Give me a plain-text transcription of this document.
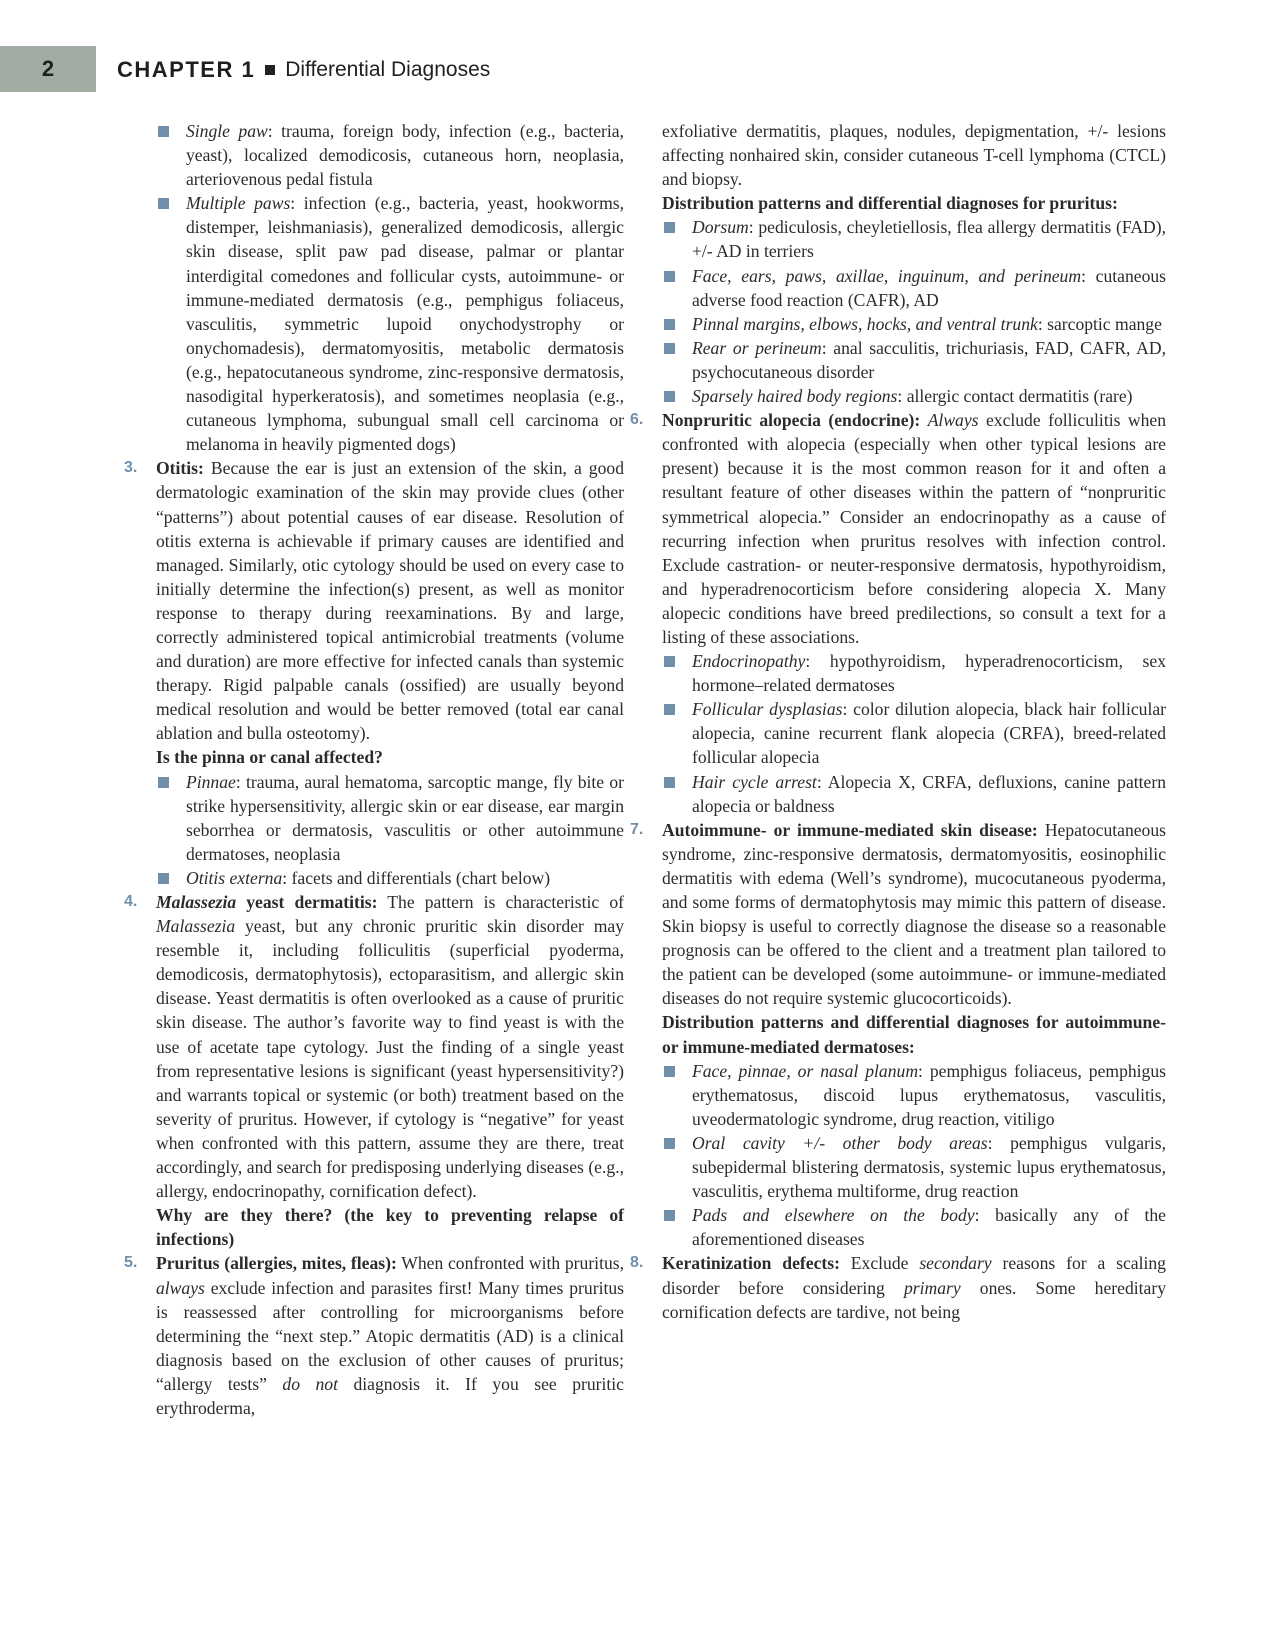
2	CHAPTER 1 Differential Diagnoses
Single paw: trauma, foreign body, infection (e.g., bacteria, yeast), localized demodicosis, cutaneous horn, neoplasia, arteriovenous pedal fistula
Multiple paws: infection (e.g., bacteria, yeast, hookworms, distemper, leishmaniasis), generalized demodicosis, allergic skin disease, split paw pad disease, palmar or plantar interdigital comedones and follicular cysts, autoimmune- or immune-mediated dermatosis (e.g., pemphigus foliaceus, vasculitis, symmetric lupoid onychodystrophy or onychomadesis), dermatomyositis, metabolic dermatosis (e.g., hepatocutaneous syndrome, zinc-responsive dermatosis, nasodigital hyperkeratosis), and sometimes neoplasia (e.g., cutaneous lymphoma, subungual small cell carcinoma or melanoma in heavily pigmented dogs)
3. Otitis: Because the ear is just an extension of the skin, a good dermatologic examination of the skin may provide clues (other “patterns”) about potential causes of ear disease. Resolution of otitis externa is achievable if primary causes are identified and managed. Similarly, otic cytology should be used on every case to initially determine the infection(s) present, as well as monitor response to therapy during reexaminations. By and large, correctly administered topical antimicrobial treatments (volume and duration) are more effective for infected canals than systemic therapy. Rigid palpable canals (ossified) are usually beyond medical resolution and would be better removed (total ear canal ablation and bulla osteotomy).

Is the pinna or canal affected?

Pinnae: trauma, aural hematoma, sarcoptic mange, fly bite or strike hypersensitivity, allergic skin or ear disease, ear margin seborrhea or dermatosis, vasculitis or other autoimmune dermatoses, neoplasia
Otitis externa: facets and differentials (chart below)
4. Malassezia yeast dermatitis: The pattern is characteristic of Malassezia yeast, but any chronic pruritic skin disorder may resemble it, including folliculitis (superficial pyoderma, demodicosis, dermatophytosis), ectoparasitism, and allergic skin disease. Yeast dermatitis is often overlooked as a cause of pruritic skin disease. The author’s favorite way to find yeast is with the use of acetate tape cytology. Just the finding of a single yeast from representative lesions is significant (yeast hypersensitivity?) and warrants topical or systemic (or both) treatment based on the severity of pruritus. However, if cytology is “negative” for yeast when confronted with this pattern, assume they are there, treat accordingly, and search for predisposing underlying diseases (e.g., allergy, endocrinopathy, cornification defect).

Why are they there? (the key to preventing relapse of infections)

5. Pruritus (allergies, mites, fleas): When confronted with pruritus, always exclude infection and parasites first! Many times pruritus is reassessed after controlling for microorganisms before determining the “next step.” Atopic dermatitis (AD) is a clinical diagnosis based on the exclusion of other causes of pruritus; “allergy tests” do not diagnosis it. If you see pruritic erythroderma,

exfoliative dermatitis, plaques, nodules, depigmentation, +/- lesions affecting nonhaired skin, consider cutaneous T-cell lymphoma (CTCL) and biopsy.

Distribution patterns and differential diagnoses for pruritus:

Dorsum: pediculosis, cheyletiellosis, flea allergy dermatitis (FAD), +/- AD in terriers
Face, ears, paws, axillae, inguinum, and perineum: cutaneous adverse food reaction (CAFR), AD
Pinnal margins, elbows, hocks, and ventral trunk: sarcoptic mange
Rear or perineum: anal sacculitis, trichuriasis, FAD, CAFR, AD, psychocutaneous disorder
Sparsely haired body regions: allergic contact dermatitis (rare)
6. Nonpruritic alopecia (endocrine): Always exclude folliculitis when confronted with alopecia (especially when other typical lesions are present) because it is the most common reason for it and often a resultant feature of other diseases within the pattern of “nonpruritic symmetrical alopecia.” Consider an endocrinopathy as a cause of recurring infection when pruritus resolves with infection control. Exclude castration- or neuter-responsive dermatosis, hypothyroidism, and hyperadrenocorticism before considering alopecia X. Many alopecic conditions have breed predilections, so consult a text for a listing of these associations.

Endocrinopathy: hypothyroidism, hyperadrenocorticism, sex hormone–related dermatoses
Follicular dysplasias: color dilution alopecia, black hair follicular alopecia, canine recurrent flank alopecia (CRFA), breed-related follicular alopecia
Hair cycle arrest: Alopecia X, CRFA, defluxions, canine pattern alopecia or baldness
7. Autoimmune- or immune-mediated skin disease: Hepatocutaneous syndrome, zinc-responsive dermatosis, dermatomyositis, eosinophilic dermatitis with edema (Well’s syndrome), mucocutaneous pyoderma, and some forms of dermatophytosis may mimic this pattern of disease. Skin biopsy is useful to correctly diagnose the disease so a reasonable prognosis can be offered to the client and a treatment plan tailored to the patient can be developed (some autoimmune- or immune-mediated diseases do not require systemic glucocorticoids).

Distribution patterns and differential diagnoses for autoimmune- or immune-mediated dermatoses:

Face, pinnae, or nasal planum: pemphigus foliaceus, pemphigus erythematosus, discoid lupus erythematosus, vasculitis, uveodermatologic syndrome, drug reaction, vitiligo
Oral cavity +/- other body areas: pemphigus vulgaris, subepidermal blistering dermatosis, systemic lupus erythematosus, vasculitis, erythema multiforme, drug reaction
Pads and elsewhere on the body: basically any of the aforementioned diseases
8. Keratinization defects: Exclude secondary reasons for a scaling disorder before considering primary ones. Some hereditary cornification defects are tardive, not being
